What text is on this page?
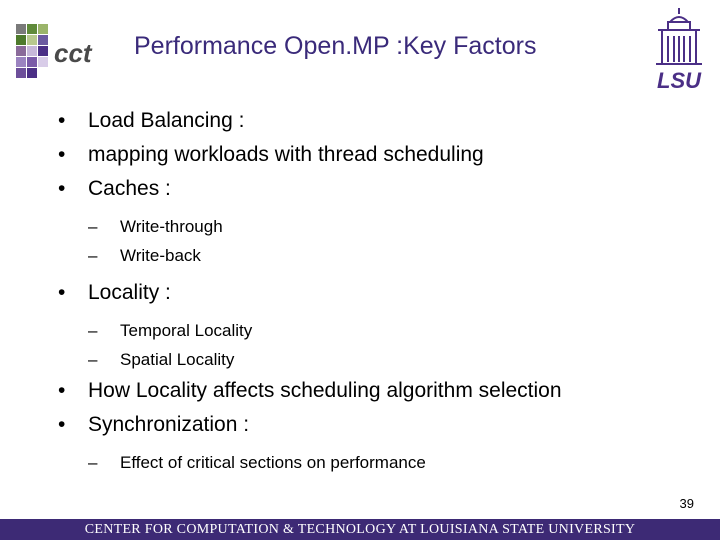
cct Performance Open.MP :Key Factors
LSU
•	Load Balancing :
•	mapping workloads with thread scheduling
•	Caches :
–	Write-through
–	Write-back
•	Locality :
–	Temporal Locality
–	Spatial Locality
•	How Locality affects scheduling algorithm selection
•	Synchronization :
–	Effect of critical sections on performance
39
CENTER FOR COMPUTATION & TECHNOLOGY AT LOUISIANA STATE UNIVERSITY
